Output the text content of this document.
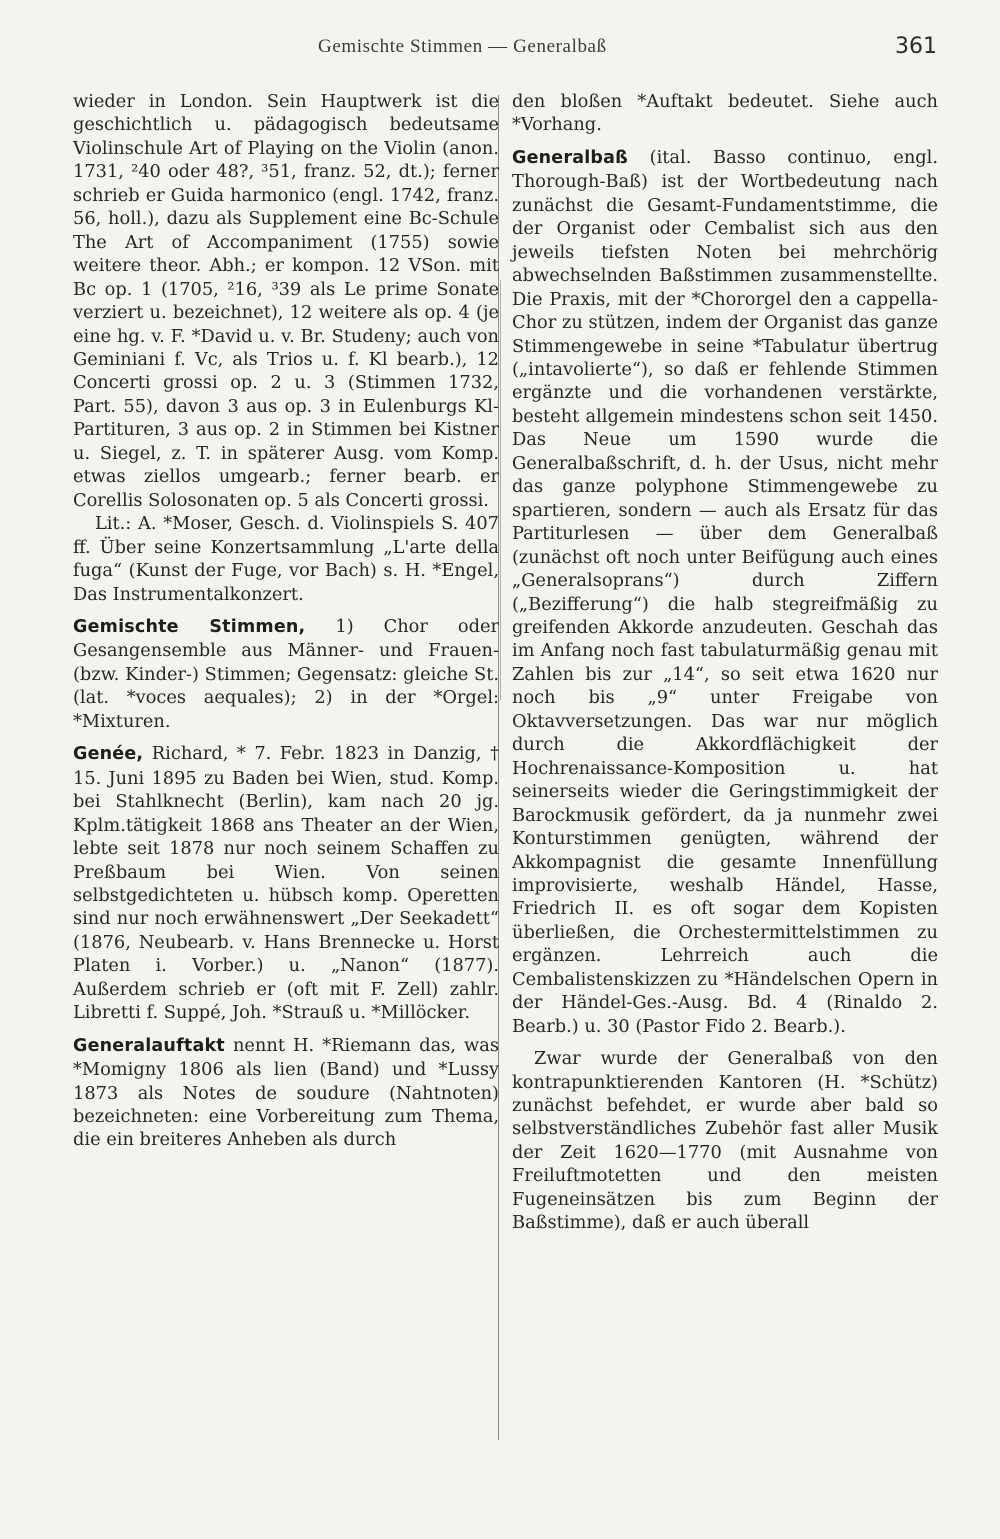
Gemischte Stimmen — Generalbaß	361

wieder in London. Sein Hauptwerk ist die geschichtlich u. pädagogisch bedeutsame Violinschule Art of Playing on the Violin (anon. 1731, ²40 oder 48?, ³51, franz. 52, dt.); ferner schrieb er Guida harmonico (engl. 1742, franz. 56, holl.), dazu als Supplement eine Bc-Schule The Art of Accompaniment (1755) sowie weitere theor. Abh.; er kompon. 12 VSon. mit Bc op. 1 (1705, ²16, ³39 als Le prime Sonate verziert u. bezeichnet), 12 weitere als op. 4 (je eine hg. v. F. *David u. v. Br. Studeny; auch von Geminiani f. Vc, als Trios u. f. Kl bearb.), 12 Concerti grossi op. 2 u. 3 (Stimmen 1732, Part. 55), davon 3 aus op. 3 in Eulenburgs Kl-Partituren, 3 aus op. 2 in Stimmen bei Kistner u. Siegel, z. T. in späterer Ausg. vom Komp. etwas ziellos umgearb.; ferner bearb. er Corellis Solosonaten op. 5 als Concerti grossi.

Lit.: A. *Moser, Gesch. d. Violinspiels S. 407 ff. Über seine Konzertsammlung „L'arte della fuga“ (Kunst der Fuge, vor Bach) s. H. *Engel, Das Instrumentalkonzert.

Gemischte Stimmen, 1) Chor oder Gesangensemble aus Männer- und Frauen- (bzw. Kinder-) Stimmen; Gegensatz: gleiche St. (lat. *voces aequales); 2) in der *Orgel: *Mixturen.

Genée, Richard, * 7. Febr. 1823 in Danzig, † 15. Juni 1895 zu Baden bei Wien, stud. Komp. bei Stahlknecht (Berlin), kam nach 20 jg. Kplm.tätigkeit 1868 ans Theater an der Wien, lebte seit 1878 nur noch seinem Schaffen zu Preßbaum bei Wien. Von seinen selbstgedichteten u. hübsch komp. Operetten sind nur noch erwähnenswert „Der Seekadett“ (1876, Neubearb. v. Hans Brennecke u. Horst Platen i. Vorber.) u. „Nanon“ (1877). Außerdem schrieb er (oft mit F. Zell) zahlr. Libretti f. Suppé, Joh. *Strauß u. *Millöcker.

Generalauftakt nennt H. *Riemann das, was *Momigny 1806 als lien (Band) und *Lussy 1873 als Notes de soudure (Nahtnoten) bezeichneten: eine Vorbereitung zum Thema, die ein breiteres Anheben als durch

den bloßen *Auftakt bedeutet. Siehe auch *Vorhang.

Generalbaß (ital. Basso continuo, engl. Thorough-Baß) ist der Wortbedeutung nach zunächst die Gesamt-Fundamentstimme, die der Organist oder Cembalist sich aus den jeweils tiefsten Noten bei mehrchörig abwechselnden Baßstimmen zusammenstellte. Die Praxis, mit der *Chororgel den a cappella-Chor zu stützen, indem der Organist das ganze Stimmengewebe in seine *Tabulatur übertrug („intavolierte“), so daß er fehlende Stimmen ergänzte und die vorhandenen verstärkte, besteht allgemein mindestens schon seit 1450. Das Neue um 1590 wurde die Generalbaßschrift, d. h. der Usus, nicht mehr das ganze polyphone Stimmengewebe zu spartieren, sondern — auch als Ersatz für das Partiturlesen — über dem Generalbaß (zunächst oft noch unter Beifügung auch eines „Generalsoprans“) durch Ziffern („Bezifferung“) die halb stegreifmäßig zu greifenden Akkorde anzudeuten. Geschah das im Anfang noch fast tabulaturmäßig genau mit Zahlen bis zur „14“, so seit etwa 1620 nur noch bis „9“ unter Freigabe von Oktavversetzungen. Das war nur möglich durch die Akkordflächigkeit der Hochrenaissance-Komposition u. hat seinerseits wieder die Geringstimmigkeit der Barockmusik gefördert, da ja nunmehr zwei Konturstimmen genügten, während der Akkompagnist die gesamte Innenfüllung improvisierte, weshalb Händel, Hasse, Friedrich II. es oft sogar dem Kopisten überließen, die Orchestermittelstimmen zu ergänzen. Lehrreich auch die Cembalistenskizzen zu *Händelschen Opern in der Händel-Ges.-Ausg. Bd. 4 (Rinaldo 2. Bearb.) u. 30 (Pastor Fido 2. Bearb.).

Zwar wurde der Generalbaß von den kontrapunktierenden Kantoren (H. *Schütz) zunächst befehdet, er wurde aber bald so selbstverständliches Zubehör fast aller Musik der Zeit 1620—1770 (mit Ausnahme von Freiluftmotetten und den meisten Fugeneinsätzen bis zum Beginn der Baßstimme), daß er auch überall
